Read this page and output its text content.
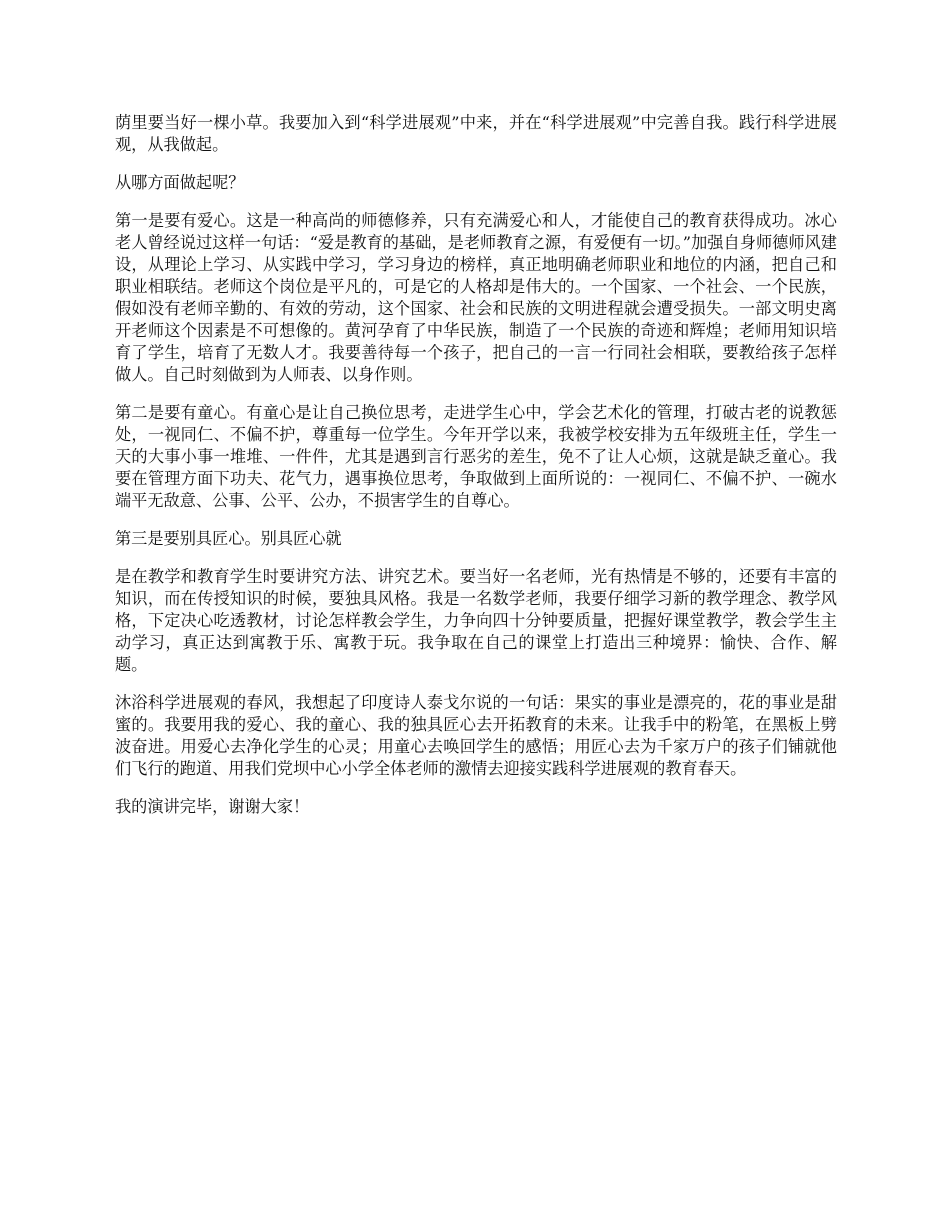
荫里要当好一棵小草。我要加入到“科学进展观”中来，并在“科学进展观”中完善自我。践行科学进展观，从我做起。

从哪方面做起呢？

第一是要有爱心。这是一种高尚的师德修养，只有充满爱心和人，才能使自己的教育获得成功。冰心老人曾经说过这样一句话：“爱是教育的基础，是老师教育之源，有爱便有一切。”加强自身师德师风建设，从理论上学习、从实践中学习，学习身边的榜样，真正地明确老师职业和地位的内涵，把自己和职业相联结。老师这个岗位是平凡的，可是它的人格却是伟大的。一个国家、一个社会、一个民族，假如没有老师辛勤的、有效的劳动，这个国家、社会和民族的文明进程就会遭受损失。一部文明史离开老师这个因素是不可想像的。黄河孕育了中华民族，制造了一个民族的奇迹和辉煌；老师用知识培育了学生，培育了无数人才。我要善待每一个孩子，把自己的一言一行同社会相联，要教给孩子怎样做人。自己时刻做到为人师表、以身作则。

第二是要有童心。有童心是让自己换位思考，走进学生心中，学会艺术化的管理，打破古老的说教惩处，一视同仁、不偏不护，尊重每一位学生。今年开学以来，我被学校安排为五年级班主任，学生一天的大事小事一堆堆、一件件，尤其是遇到言行恶劣的差生，免不了让人心烦，这就是缺乏童心。我要在管理方面下功夫、花气力，遇事换位思考，争取做到上面所说的：一视同仁、不偏不护、一碗水端平无敌意、公事、公平、公办，不损害学生的自尊心。

第三是要别具匠心。别具匠心就

是在教学和教育学生时要讲究方法、讲究艺术。要当好一名老师，光有热情是不够的，还要有丰富的知识，而在传授知识的时候，要独具风格。我是一名数学老师，我要仔细学习新的教学理念、教学风格，下定决心吃透教材，讨论怎样教会学生，力争向四十分钟要质量，把握好课堂教学，教会学生主动学习，真正达到寓教于乐、寓教于玩。我争取在自己的课堂上打造出三种境界：愉快、合作、解题。

沐浴科学进展观的春风，我想起了印度诗人泰戈尔说的一句话：果实的事业是漂亮的，花的事业是甜蜜的。我要用我的爱心、我的童心、我的独具匠心去开拓教育的未来。让我手中的粉笔，在黑板上劈波奋进。用爱心去净化学生的心灵；用童心去唤回学生的感悟；用匠心去为千家万户的孩子们铺就他们飞行的跑道、用我们党坝中心小学全体老师的激情去迎接实践科学进展观的教育春天。

我的演讲完毕，谢谢大家！
